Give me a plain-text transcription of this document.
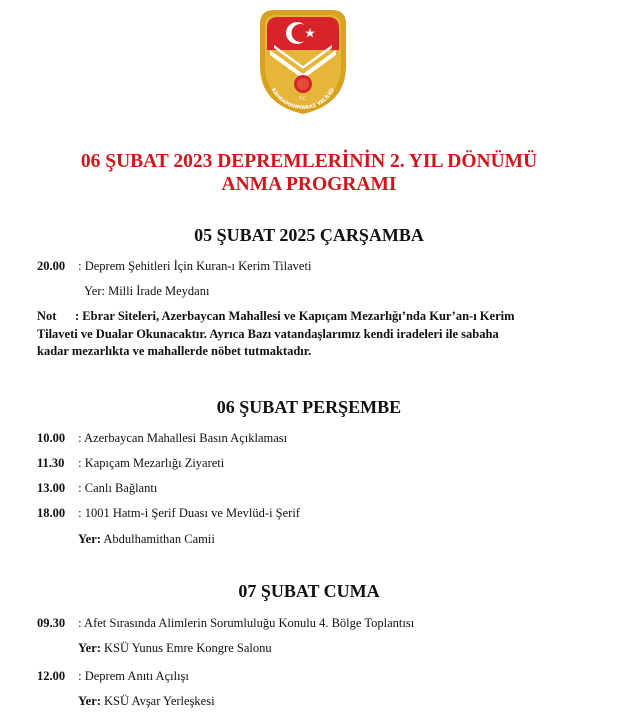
T.C.
KAHRAMANMARAŞ VALİLİĞİ
06 ŞUBAT 2023 DEPREMLERİNİN 2. YIL DÖNÜMÜ
ANMA PROGRAMI
05 ŞUBAT 2025 ÇARŞAMBA
20.00 : Deprem Şehitleri İçin Kuran-ı Kerim Tilaveti
Yer: Milli İrade Meydanı
Not : Ebrar Siteleri, Azerbaycan Mahallesi ve Kapıçam Mezarlığı’nda Kur’an-ı Kerim
Tilaveti ve Dualar Okunacaktır. Ayrıca Bazı vatandaşlarımız kendi iradeleri ile sabaha
kadar mezarlıkta ve mahallerde nöbet tutmaktadır.
06 ŞUBAT PERŞEMBE
10.00 : Azerbaycan Mahallesi Basın Açıklaması
11.30 : Kapıçam Mezarlığı Ziyareti
13.00 : Canlı Bağlantı
18.00 : 1001 Hatm-i Şerif Duası ve Mevlüd-i Şerif
Yer: Abdulhamithan Camii
07 ŞUBAT CUMA
09.30 : Afet Sırasında Alimlerin Sorumluluğu Konulu 4. Bölge Toplantısı
Yer: KSÜ Yunus Emre Kongre Salonu
12.00 : Deprem Anıtı Açılışı
Yer: KSÜ Avşar Yerleşkesi
